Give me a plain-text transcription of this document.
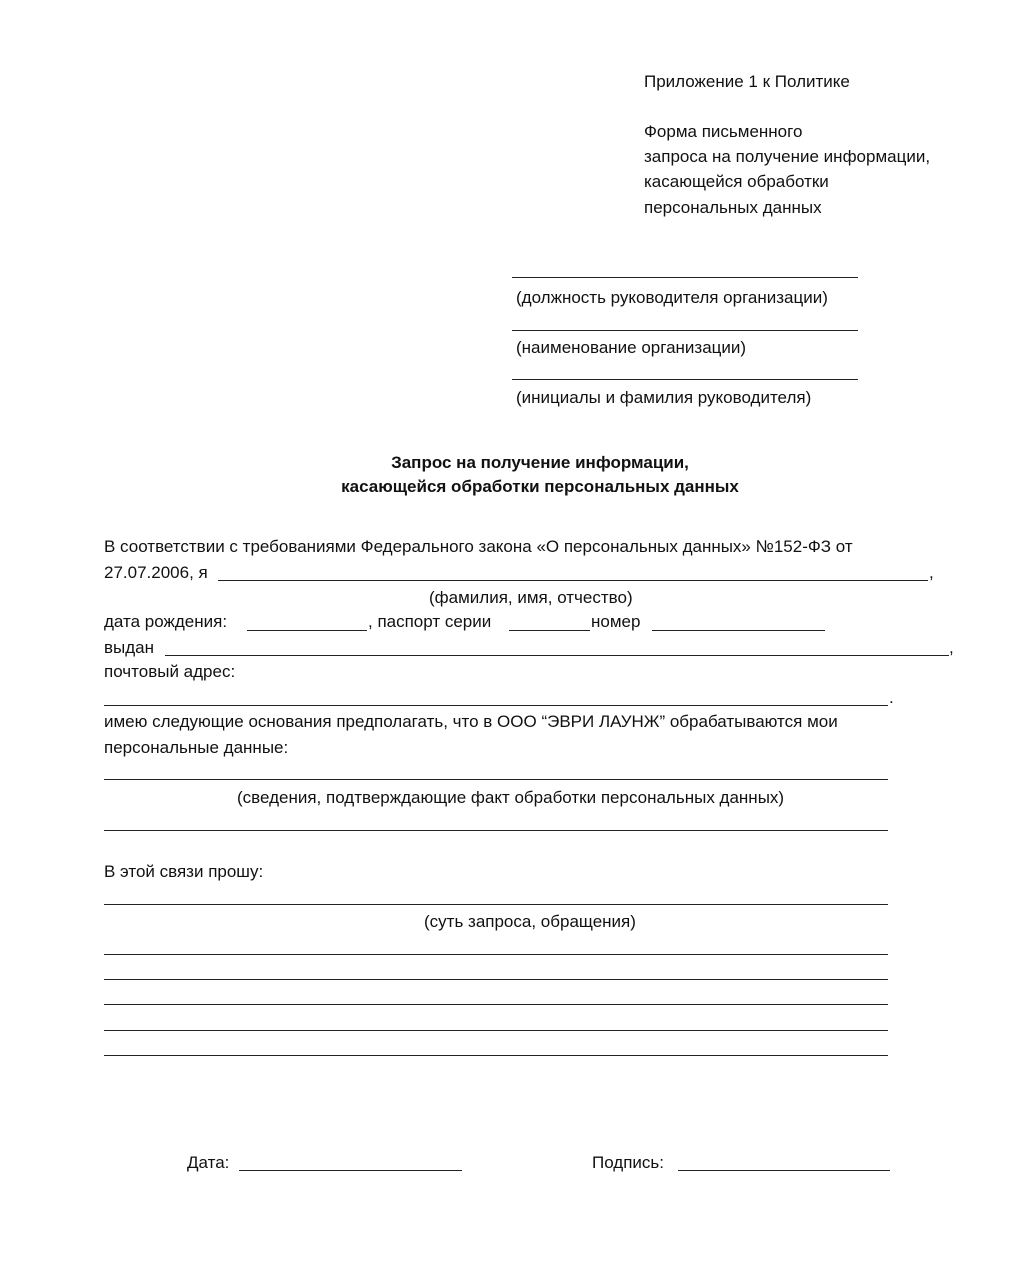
Приложение 1 к Политике
Форма письменного
запроса на получение информации,
касающейся обработки
персональных данных
(должность руководителя организации)
(наименование организации)
(инициалы и фамилия руководителя)
Запрос на получение информации,
касающейся обработки персональных данных
В соответствии с требованиями Федерального закона «О персональных данных» №152-ФЗ от
27.07.2006, я	,
(фамилия, имя, отчество)
дата рождения:	, паспорт серии	номер
выдан	,
почтовый адрес:
.
имею следующие основания предполагать, что в ООО “ЭВРИ ЛАУНЖ” обрабатываются мои
персональные данные:
(сведения, подтверждающие факт обработки персональных данных)
В этой связи прошу:
(суть запроса, обращения)
Дата:	Подпись:
